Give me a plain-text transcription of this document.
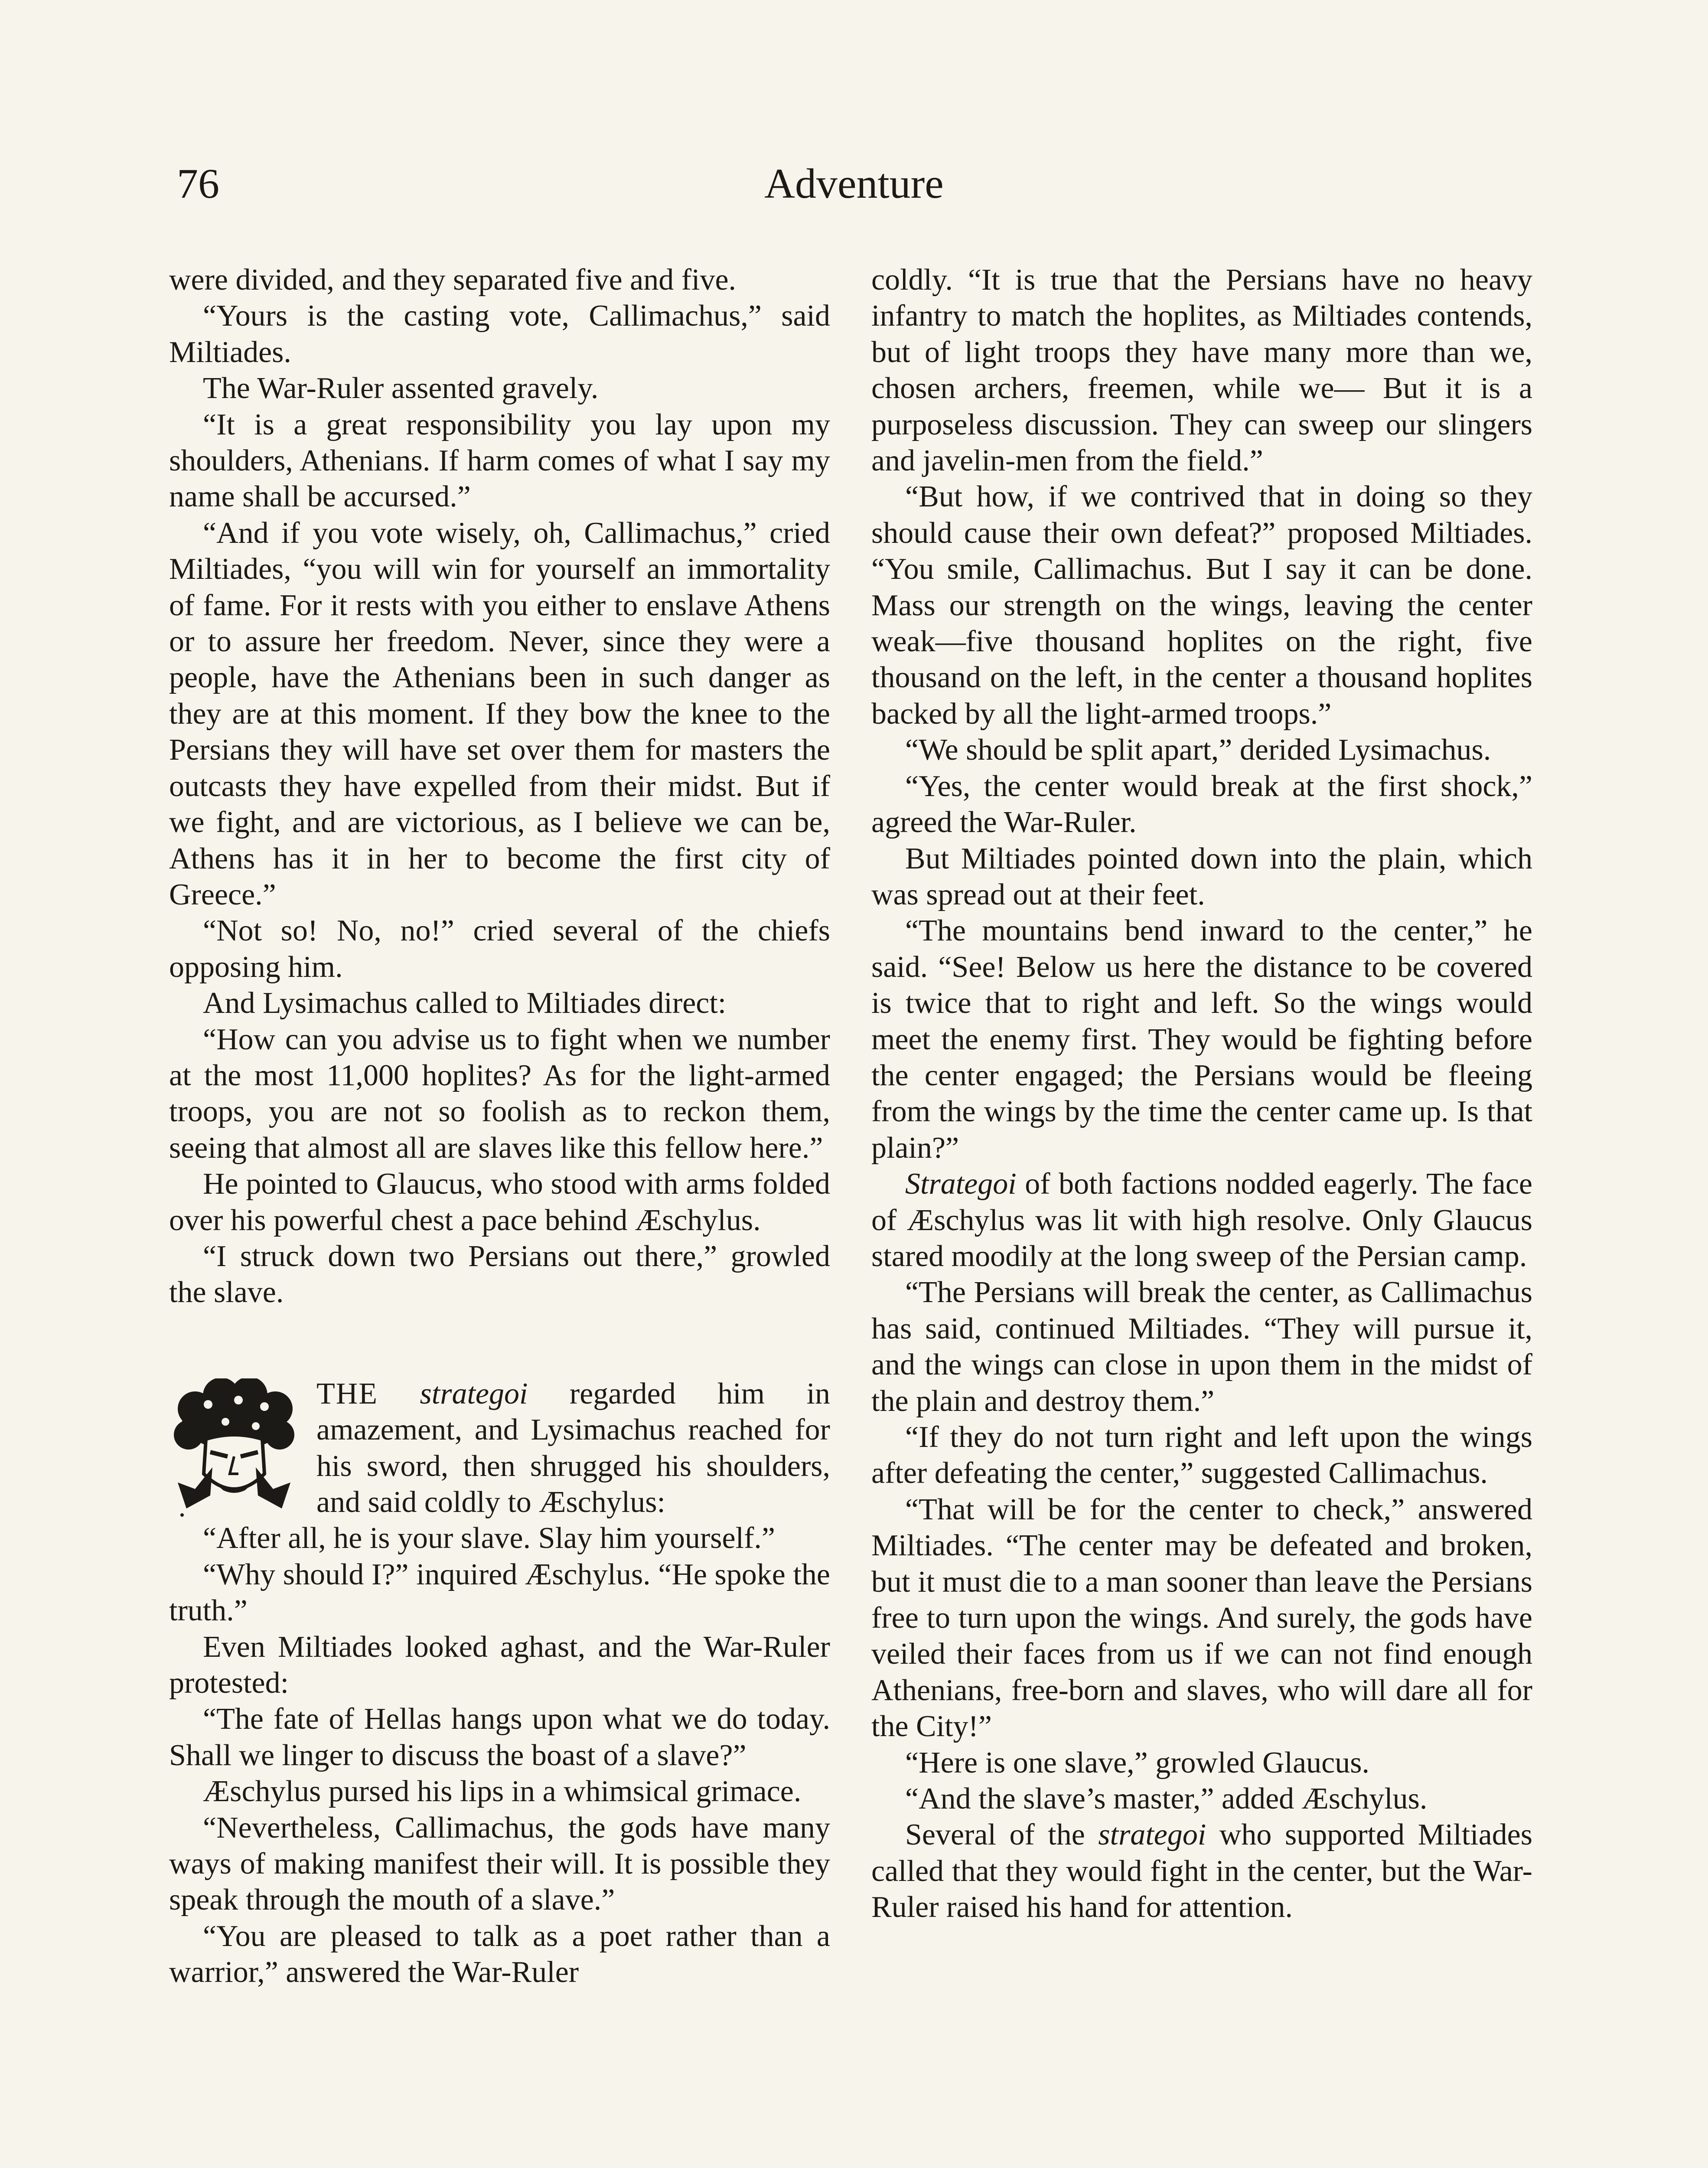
76	Adventure

were divided, and they separated five and five.

“Yours is the casting vote, Callimachus,” said Miltiades.

The War-Ruler assented gravely.

“It is a great responsibility you lay upon my shoulders, Athenians. If harm comes of what I say my name shall be accursed.”

“And if you vote wisely, oh, Callimachus,” cried Miltiades, “you will win for yourself an immortality of fame. For it rests with you either to enslave Athens or to assure her freedom. Never, since they were a people, have the Athenians been in such danger as they are at this moment. If they bow the knee to the Persians they will have set over them for masters the outcasts they have expelled from their midst. But if we fight, and are victorious, as I believe we can be, Athens has it in her to become the first city of Greece.”

“Not so! No, no!” cried several of the chiefs opposing him.

And Lysimachus called to Miltiades direct:

“How can you advise us to fight when we number at the most 11,000 hoplites? As for the light-armed troops, you are not so foolish as to reckon them, seeing that almost all are slaves like this fellow here.”

He pointed to Glaucus, who stood with arms folded over his powerful chest a pace behind Æschylus.

“I struck down two Persians out there,” growled the slave.

THE strategoi regarded him in amazement, and Lysimachus reached for his sword, then shrugged his shoulders, and said coldly to Æschylus:

“After all, he is your slave. Slay him yourself.”

“Why should I?” inquired Æschylus. “He spoke the truth.”

Even Miltiades looked aghast, and the War-Ruler protested:

“The fate of Hellas hangs upon what we do today. Shall we linger to discuss the boast of a slave?”

Æschylus pursed his lips in a whimsical grimace.

“Nevertheless, Callimachus, the gods have many ways of making manifest their will. It is possible they speak through the mouth of a slave.”

“You are pleased to talk as a poet rather than a warrior,” answered the War-Ruler

coldly. “It is true that the Persians have no heavy infantry to match the hoplites, as Miltiades contends, but of light troops they have many more than we, chosen archers, freemen, while we— But it is a purposeless discussion. They can sweep our slingers and javelin-men from the field.”

“But how, if we contrived that in doing so they should cause their own defeat?” proposed Miltiades. “You smile, Callimachus. But I say it can be done. Mass our strength on the wings, leaving the center weak—five thousand hoplites on the right, five thousand on the left, in the center a thousand hoplites backed by all the light-armed troops.”

“We should be split apart,” derided Lysimachus.

“Yes, the center would break at the first shock,” agreed the War-Ruler.

But Miltiades pointed down into the plain, which was spread out at their feet.

“The mountains bend inward to the center,” he said. “See! Below us here the distance to be covered is twice that to right and left. So the wings would meet the enemy first. They would be fighting before the center engaged; the Persians would be fleeing from the wings by the time the center came up. Is that plain?”

Strategoi of both factions nodded eagerly. The face of Æschylus was lit with high resolve. Only Glaucus stared moodily at the long sweep of the Persian camp.

“The Persians will break the center, as Callimachus has said, continued Miltiades. “They will pursue it, and the wings can close in upon them in the midst of the plain and destroy them.”

“If they do not turn right and left upon the wings after defeating the center,” suggested Callimachus.

“That will be for the center to check,” answered Miltiades. “The center may be defeated and broken, but it must die to a man sooner than leave the Persians free to turn upon the wings. And surely, the gods have veiled their faces from us if we can not find enough Athenians, free-born and slaves, who will dare all for the City!”

“Here is one slave,” growled Glaucus.

“And the slave’s master,” added Æschylus.

Several of the strategoi who supported Miltiades called that they would fight in the center, but the War-Ruler raised his hand for attention.
